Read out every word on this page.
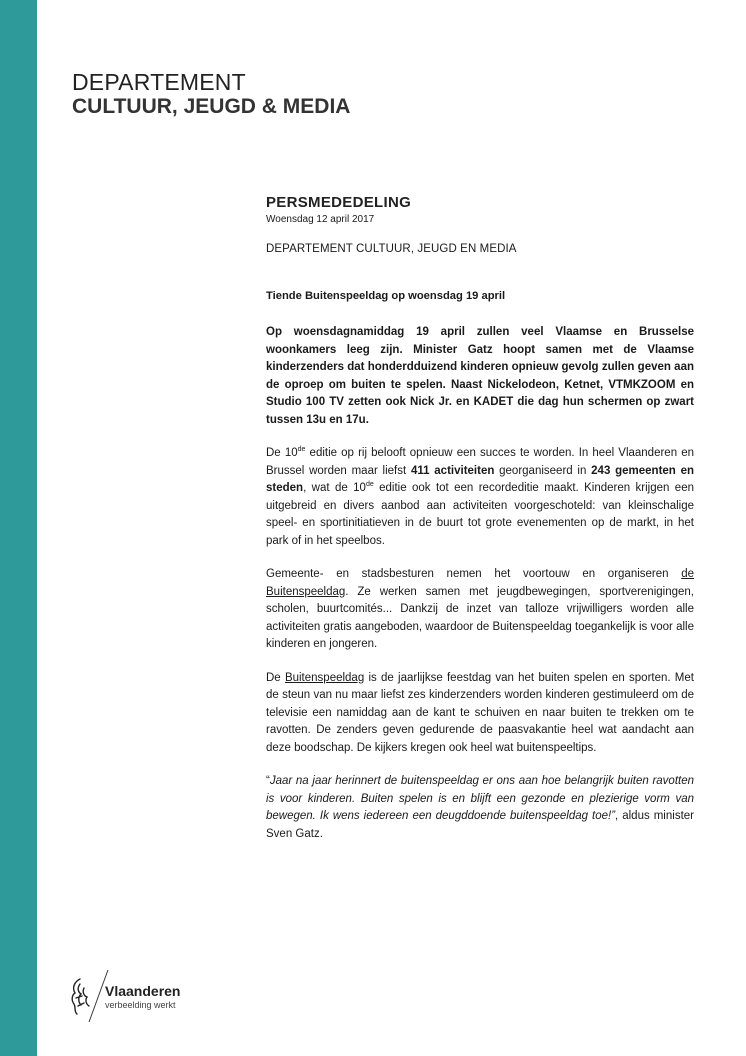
DEPARTEMENT
CULTUUR, JEUGD & MEDIA
PERSMEDEDELING
Woensdag 12 april 2017
DEPARTEMENT CULTUUR, JEUGD EN MEDIA
Tiende Buitenspeeldag op woensdag 19 april
Op woensdagnamiddag 19 april zullen veel Vlaamse en Brusselse woonkamers leeg zijn. Minister Gatz hoopt samen met de Vlaamse kinderzenders dat honderdduizend kinderen opnieuw gevolg zullen geven aan de oproep om buiten te spelen. Naast Nickelodeon, Ketnet, VTMKZOOM en Studio 100 TV zetten ook Nick Jr. en KADET die dag hun schermen op zwart tussen 13u en 17u.

De 10de editie op rij belooft opnieuw een succes te worden. In heel Vlaanderen en Brussel worden maar liefst 411 activiteiten georganiseerd in 243 gemeenten en steden, wat de 10de editie ook tot een recordeditie maakt. Kinderen krijgen een uitgebreid en divers aanbod aan activiteiten voorgeschoteld: van kleinschalige speel- en sportinitiatieven in de buurt tot grote evenementen op de markt, in het park of in het speelbos.

Gemeente- en stadsbesturen nemen het voortouw en organiseren de Buitenspeeldag. Ze werken samen met jeugdbewegingen, sportverenigingen, scholen, buurtcomités... Dankzij de inzet van talloze vrijwilligers worden alle activiteiten gratis aangeboden, waardoor de Buitenspeeldag toegankelijk is voor alle kinderen en jongeren.

De Buitenspeeldag is de jaarlijkse feestdag van het buiten spelen en sporten. Met de steun van nu maar liefst zes kinderzenders worden kinderen gestimuleerd om de televisie een namiddag aan de kant te schuiven en naar buiten te trekken om te ravotten. De zenders geven gedurende de paasvakantie heel wat aandacht aan deze boodschap. De kijkers kregen ook heel wat buitenspeeltips.

“Jaar na jaar herinnert de buitenspeeldag er ons aan hoe belangrijk buiten ravotten is voor kinderen. Buiten spelen is en blijft een gezonde en plezierige vorm van bewegen. Ik wens iedereen een deugddoende buitenspeeldag toe!”, aldus minister Sven Gatz.
Vlaanderen
verbeelding werkt
